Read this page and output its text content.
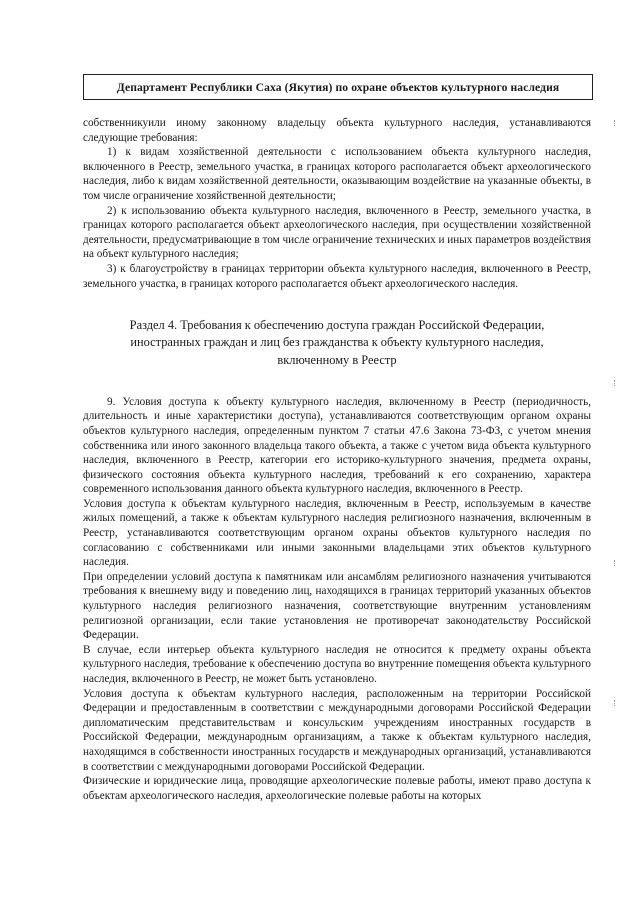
Департамент Республики Саха (Якутия) по охране объектов культурного наследия

собственникуили иному законному владельцу объекта культурного наследия, устанавливаются следующие требования:

1) к видам хозяйственной деятельности с использованием объекта культурного наследия, включенного в Реестр, земельного участка, в границах которого располагается объект археологического наследия, либо к видам хозяйственной деятельности, оказывающим воздействие на указанные объекты, в том числе ограничение хозяйственной деятельности;

2) к использованию объекта культурного наследия, включенного в Реестр, земельного участка, в границах которого располагается объект археологического наследия, при осуществлении хозяйственной деятельности, предусматривающие в том числе ограничение технических и иных параметров воздействия на объект культурного наследия;

3) к благоустройству в границах территории объекта культурного наследия, включенного в Реестр, земельного участка, в границах которого располагается объект археологического наследия.

Раздел 4. Требования к обеспечению доступа граждан Российской Федерации,
иностранных граждан и лиц без гражданства к объекту культурного наследия,
включенному в Реестр

9. Условия доступа к объекту культурного наследия, включенному в Реестр (периодичность, длительность и иные характеристики доступа), устанавливаются соответствующим органом охраны объектов культурного наследия, определенным пунктом 7 статьи 47.6 Закона 73-ФЗ, с учетом мнения собственника или иного законного владельца такого объекта, а также с учетом вида объекта культурного наследия, включенного в Реестр, категории его историко-культурного значения, предмета охраны, физического состояния объекта культурного наследия, требований к его сохранению, характера современного использования данного объекта культурного наследия, включенного в Реестр.

Условия доступа к объектам культурного наследия, включенным в Реестр, используемым в качестве жилых помещений, а также к объектам культурного наследия религиозного назначения, включенным в Реестр, устанавливаются соответствующим органом охраны объектов культурного наследия по согласованию с собственниками или иными законными владельцами этих объектов культурного наследия.

При определении условий доступа к памятникам или ансамблям религиозного назначения учитываются требования к внешнему виду и поведению лиц, находящихся в границах территорий указанных объектов культурного наследия религиозного назначения, соответствующие внутренним установлениям религиозной организации, если такие установления не противоречат законодательству Российской Федерации.

В случае, если интерьер объекта культурного наследия не относится к предмету охраны объекта культурного наследия, требование к обеспечению доступа во внутренние помещения объекта культурного наследия, включенного в Реестр, не может быть установлено.

Условия доступа к объектам культурного наследия, расположенным на территории Российской Федерации и предоставленным в соответствии с международными договорами Российской Федерации дипломатическим представительствам и консульским учреждениям иностранных государств в Российской Федерации, международным организациям, а также к объектам культурного наследия, находящимся в собственности иностранных государств и международных организаций, устанавливаются в соответствии с международными договорами Российской Федерации.

Физические и юридические лица, проводящие археологические полевые работы, имеют право доступа к объектам археологического наследия, археологические полевые работы на которых
